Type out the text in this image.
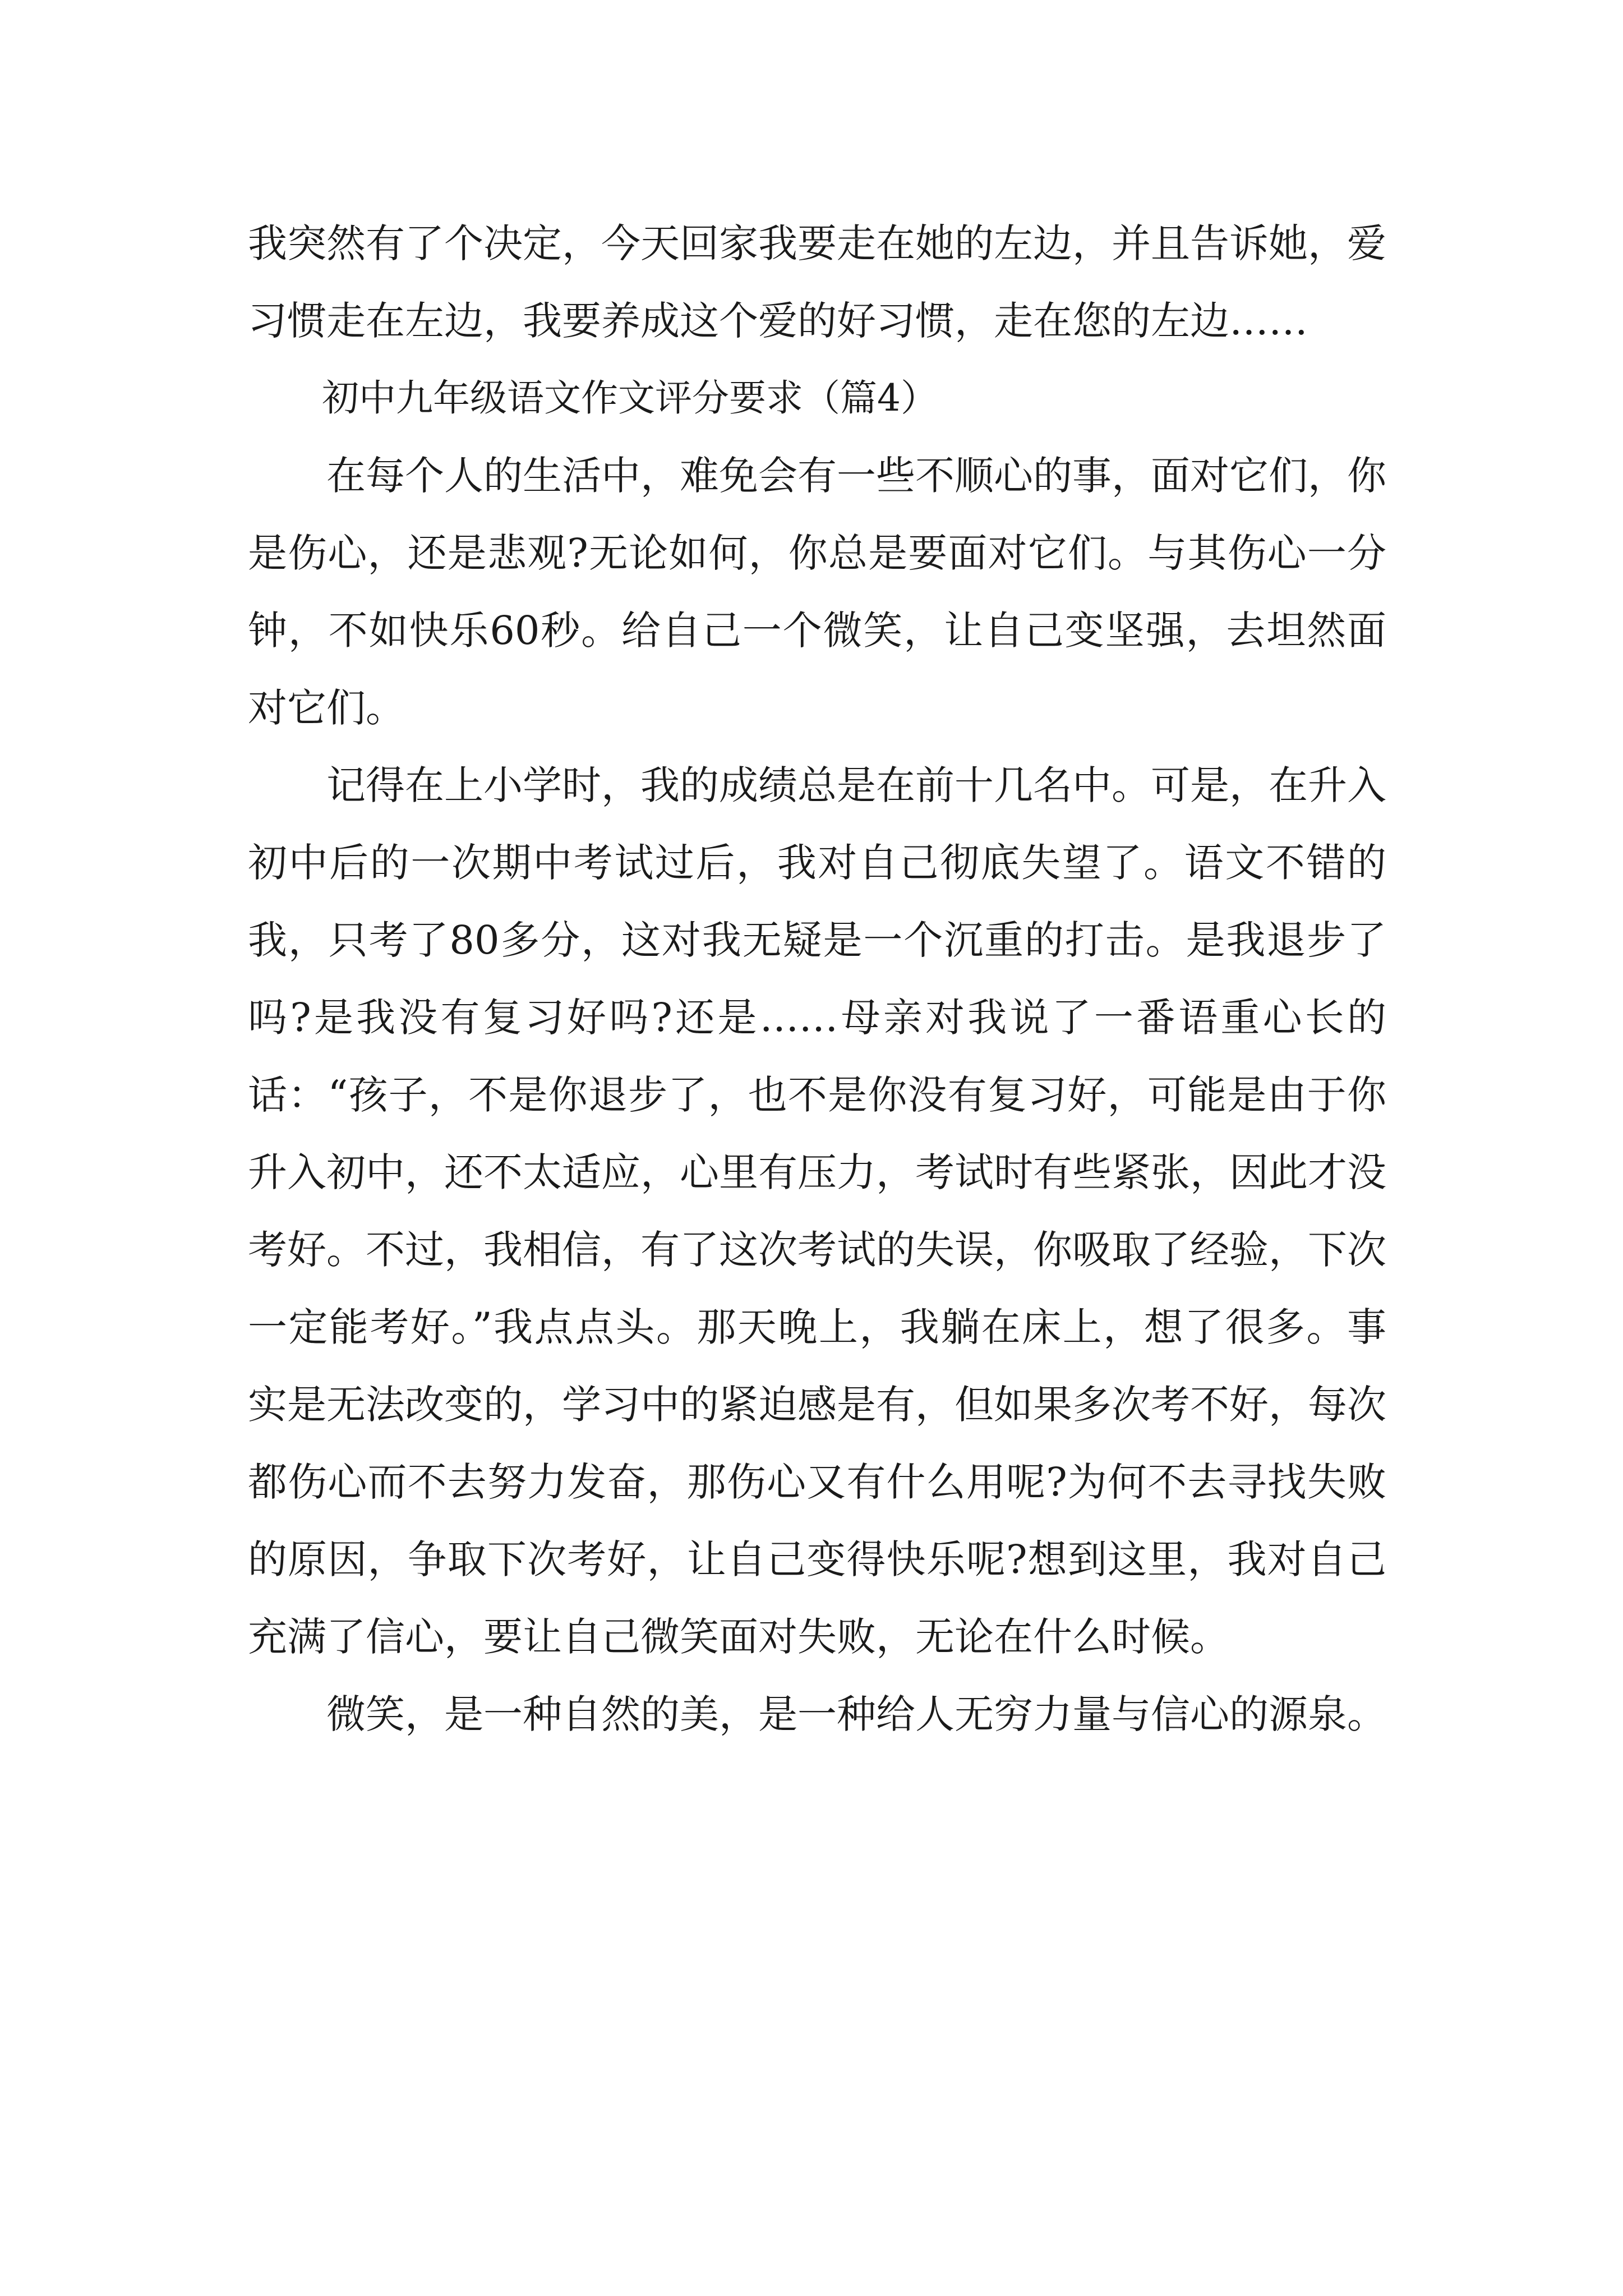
我突然有了个决定，今天回家我要走在她的左边，并且告诉她，爱习惯走在左边，我要养成这个爱的好习惯，走在您的左边……

初中九年级语文作文评分要求（篇4）

在每个人的生活中，难免会有一些不顺心的事，面对它们，你是伤心，还是悲观?无论如何，你总是要面对它们。与其伤心一分钟，不如快乐60秒。给自己一个微笑，让自己变坚强，去坦然面对它们。

记得在上小学时，我的成绩总是在前十几名中。可是，在升入初中后的一次期中考试过后，我对自己彻底失望了。语文不错的我，只考了80多分，这对我无疑是一个沉重的打击。是我退步了吗?是我没有复习好吗?还是……母亲对我说了一番语重心长的话：“孩子，不是你退步了，也不是你没有复习好，可能是由于你升入初中，还不太适应，心里有压力，考试时有些紧张，因此才没考好。不过，我相信，有了这次考试的失误，你吸取了经验，下次一定能考好。”我点点头。那天晚上，我躺在床上，想了很多。事实是无法改变的，学习中的紧迫感是有，但如果多次考不好，每次都伤心而不去努力发奋，那伤心又有什么用呢?为何不去寻找失败的原因，争取下次考好，让自己变得快乐呢?想到这里，我对自己充满了信心，要让自己微笑面对失败，无论在什么时候。

微笑，是一种自然的美，是一种给人无穷力量与信心的源泉。
